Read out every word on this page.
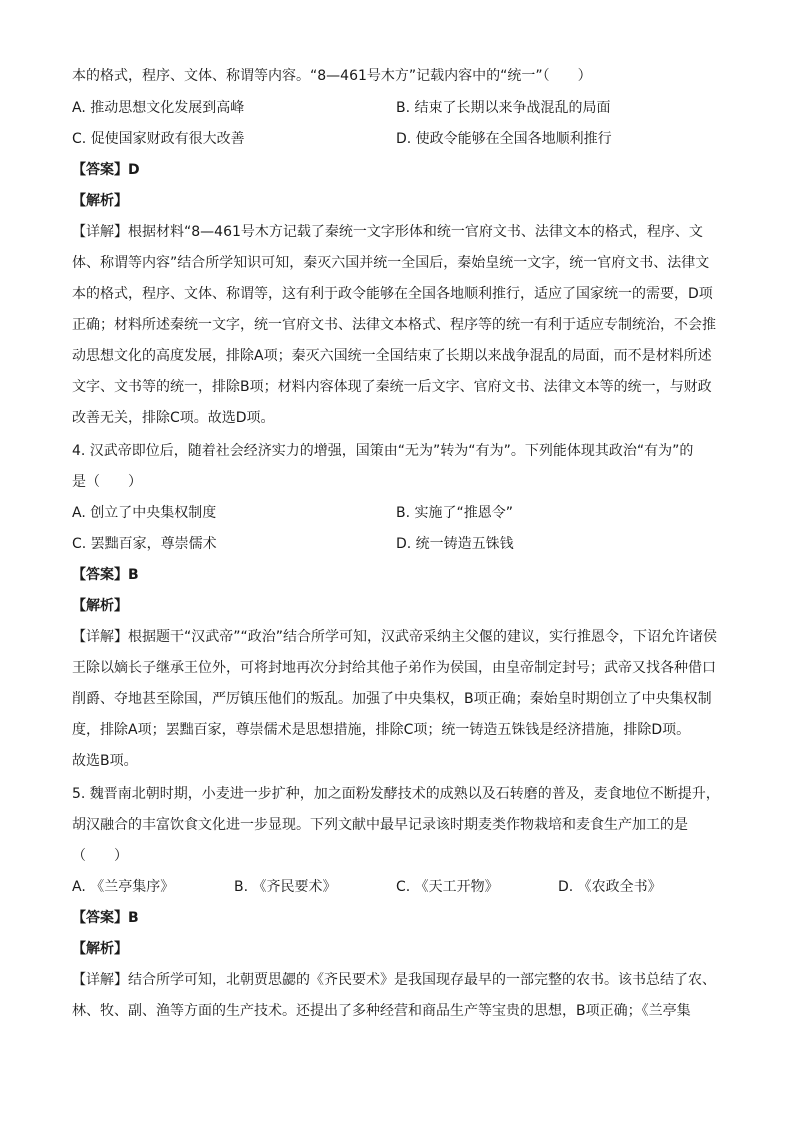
本的格式，程序、文体、称谓等内容。“8—461号木方”记载内容中的“统一”（　　）
A. 推动思想文化发展到高峰	B. 结束了长期以来争战混乱的局面
C. 促使国家财政有很大改善	D. 使政令能够在全国各地顺利推行
【答案】D
【解析】
【详解】根据材料“8—461号木方记载了秦统一文字形体和统一官府文书、法律文本的格式，程序、文
体、称谓等内容”结合所学知识可知，秦灭六国并统一全国后，秦始皇统一文字，统一官府文书、法律文
本的格式，程序、文体、称谓等，这有利于政令能够在全国各地顺利推行，适应了国家统一的需要，D项
正确；材料所述秦统一文字，统一官府文书、法律文本格式、程序等的统一有利于适应专制统治，不会推
动思想文化的高度发展，排除A项；秦灭六国统一全国结束了长期以来战争混乱的局面，而不是材料所述
文字、文书等的统一，排除B项；材料内容体现了秦统一后文字、官府文书、法律文本等的统一，与财政
改善无关，排除C项。故选D项。
4. 汉武帝即位后，随着社会经济实力的增强，国策由“无为”转为“有为”。下列能体现其政治“有为”的
是（　　）
A. 创立了中央集权制度	B. 实施了“推恩令”
C. 罢黜百家，尊崇儒术	D. 统一铸造五铢钱
【答案】B
【解析】
【详解】根据题干“汉武帝”“政治”结合所学可知，汉武帝采纳主父偃的建议，实行推恩令，下诏允许诸侯
王除以嫡长子继承王位外，可将封地再次分封给其他子弟作为侯国，由皇帝制定封号；武帝又找各种借口
削爵、夺地甚至除国，严厉镇压他们的叛乱。加强了中央集权，B项正确；秦始皇时期创立了中央集权制
度，排除A项；罢黜百家，尊崇儒术是思想措施，排除C项；统一铸造五铢钱是经济措施，排除D项。
故选B项。
5. 魏晋南北朝时期，小麦进一步扩种，加之面粉发酵技术的成熟以及石转磨的普及，麦食地位不断提升，
胡汉融合的丰富饮食文化进一步显现。下列文献中最早记录该时期麦类作物栽培和麦食生产加工的是
（　　）
A. 《兰亭集序》	B. 《齐民要术》	C. 《天工开物》	D. 《农政全书》
【答案】B
【解析】
【详解】结合所学可知，北朝贾思勰的《齐民要术》是我国现存最早的一部完整的农书。该书总结了农、
林、牧、副、渔等方面的生产技术。还提出了多种经营和商品生产等宝贵的思想，B项正确；《兰亭集
